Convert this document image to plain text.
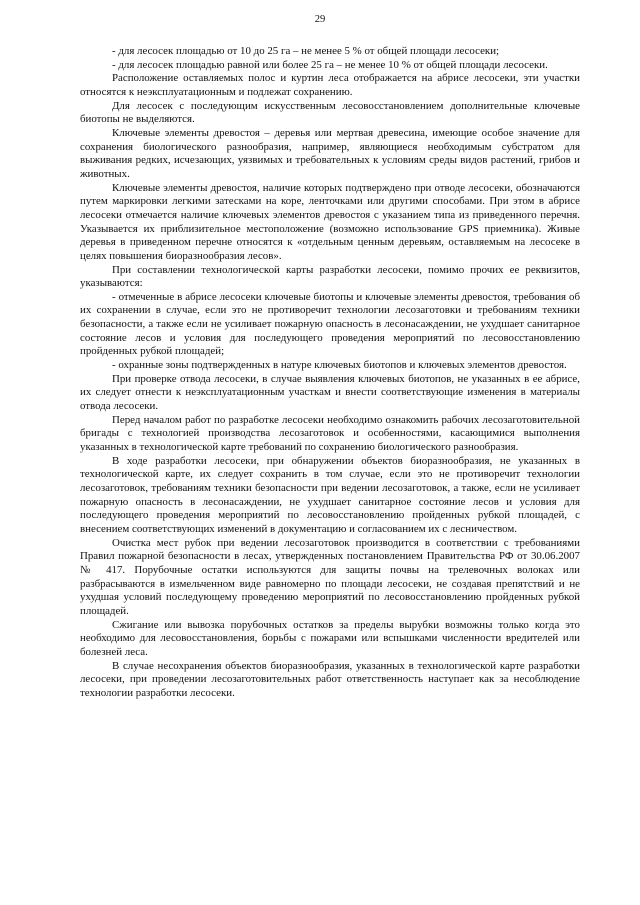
29

- для лесосек площадью от 10 до 25 га – не менее 5 % от общей площади лесосеки;

- для лесосек площадью равной или более 25 га – не менее 10 % от общей площади лесосеки.

Расположение оставляемых полос и куртин леса отображается на абрисе лесосеки, эти участки относятся к неэксплуатационным и подлежат сохранению.

Для лесосек с последующим искусственным лесовосстановлением дополнительные ключевые биотопы не выделяются.

Ключевые элементы древостоя – деревья или мертвая древесина, имеющие особое значение для сохранения биологического разнообразия, например, являющиеся необходимым субстратом для выживания редких, исчезающих, уязвимых и требовательных к условиям среды видов растений, грибов и животных.

Ключевые элементы древостоя, наличие которых подтверждено при отводе лесосеки, обозначаются путем маркировки легкими затесками на коре, ленточками или другими способами. При этом в абрисе лесосеки отмечается наличие ключевых элементов древостоя с указанием типа из приведенного перечня. Указывается их приблизительное местоположение (возможно использование GPS приемника). Живые деревья в приведенном перечне относятся к «отдельным ценным деревьям, оставляемым на лесосеке в целях повышения биоразнообразия лесов».

При составлении технологической карты разработки лесосеки, помимо прочих ее реквизитов, указываются:

- отмеченные в абрисе лесосеки ключевые биотопы и ключевые элементы древостоя, требования об их сохранении в случае, если это не противоречит технологии лесозаготовки и требованиям техники безопасности, а также если не усиливает пожарную опасность в лесонасаждении, не ухудшает санитарное состояние лесов и условия для последующего проведения мероприятий по лесовосстановлению пройденных рубкой площадей;

- охранные зоны подтвержденных в натуре ключевых биотопов и ключевых элементов древостоя.

При проверке отвода лесосеки, в случае выявления ключевых биотопов, не указанных в ее абрисе, их следует отнести к неэксплуатационным участкам и внести соответствующие изменения в материалы отвода лесосеки.

Перед началом работ по разработке лесосеки необходимо ознакомить рабочих лесозаготовительной бригады с технологией производства лесозаготовок и особенностями, касающимися выполнения указанных в технологической карте требований по сохранению биологического разнообразия.

В ходе разработки лесосеки, при обнаружении объектов биоразнообразия, не указанных в технологической карте, их следует сохранить в том случае, если это не противоречит технологии лесозаготовок, требованиям техники безопасности при ведении лесозаготовок, а также, если не усиливает пожарную опасность в лесонасаждении, не ухудшает санитарное состояние лесов и условия для последующего проведения мероприятий по лесовосстановлению пройденных рубкой площадей, с внесением соответствующих изменений в документацию и согласованием их с лесничеством.

Очистка мест рубок при ведении лесозаготовок производится в соответствии с требованиями Правил пожарной безопасности в лесах, утвержденных постановлением Правительства РФ от 30.06.2007 № 417. Порубочные остатки используются для защиты почвы на трелевочных волоках или разбрасываются в измельченном виде равномерно по площади лесосеки, не создавая препятствий и не ухудшая условий последующему проведению мероприятий по лесовосстановлению пройденных рубкой площадей.

Сжигание или вывозка порубочных остатков за пределы вырубки возможны только когда это необходимо для лесовосстановления, борьбы с пожарами или вспышками численности вредителей или болезней леса.

В случае несохранения объектов биоразнообразия, указанных в технологической карте разработки лесосеки, при проведении лесозаготовительных работ ответственность наступает как за несоблюдение технологии разработки лесосеки.
